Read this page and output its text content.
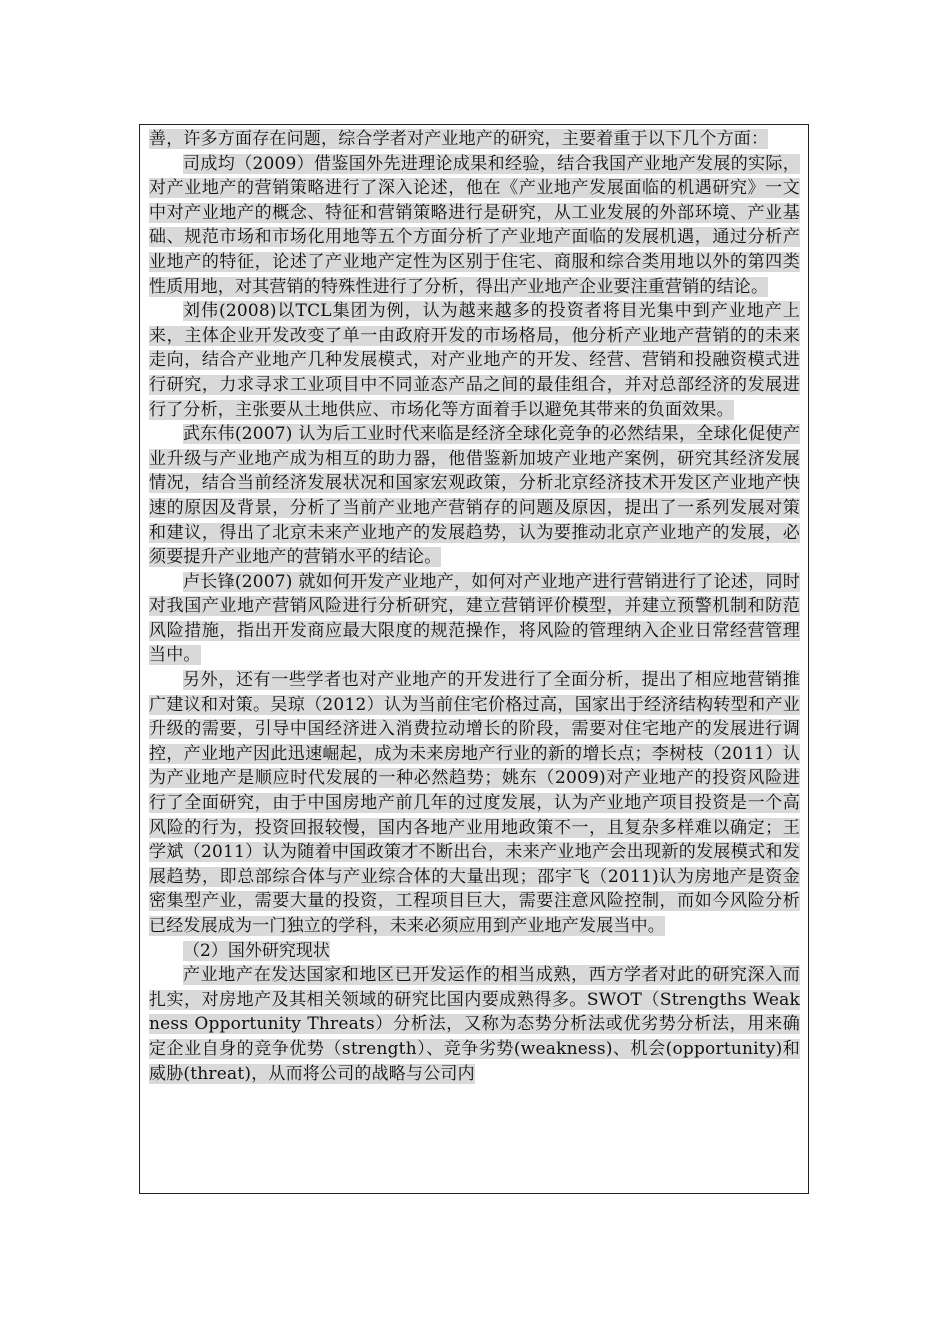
善，许多方面存在问题，综合学者对产业地产的研究，主要着重于以下几个方面：

司成均（2009）借鉴国外先进理论成果和经验，结合我国产业地产发展的实际，对产业地产的营销策略进行了深入论述，他在《产业地产发展面临的机遇研究》一文中对产业地产的概念、特征和营销策略进行是研究，从工业发展的外部环境、产业基础、规范市场和市场化用地等五个方面分析了产业地产面临的发展机遇，通过分析产业地产的特征，论述了产业地产定性为区别于住宅、商服和综合类用地以外的第四类性质用地，对其营销的特殊性进行了分析，得出产业地产企业要注重营销的结论。

刘伟(2008)以TCL集团为例，认为越来越多的投资者将目光集中到产业地产上来，主体企业开发改变了单一由政府开发的市场格局，他分析产业地产营销的的未来走向，结合产业地产几种发展模式，对产业地产的开发、经营、营销和投融资模式进行研究，力求寻求工业项目中不同並态产品之间的最佳组合，并对总部经济的发展进行了分析，主张要从土地供应、市场化等方面着手以避免其带来的负面效果。

武东伟(2007) 认为后工业时代来临是经济全球化竞争的必然结果，全球化促使产业升级与产业地产成为相互的助力器，他借鉴新加坡产业地产案例，研究其经济发展情况，结合当前经济发展状况和国家宏观政策，分析北京经济技术开发区产业地产快速的原因及背景，分析了当前产业地产营销存的问题及原因，提出了一系列发展对策和建议，得出了北京未来产业地产的发展趋势，认为要推动北京产业地产的发展，必须要提升产业地产的营销水平的结论。

卢长锋(2007) 就如何开发产业地产，如何对产业地产进行营销进行了论述，同时对我国产业地产营销风险进行分析研究，建立营销评价模型，并建立预警机制和防范风险措施，指出开发商应最大限度的规范操作，将风险的管理纳入企业日常经营管理当中。

另外，还有一些学者也对产业地产的开发进行了全面分析，提出了相应地营销推广建议和对策。吴琼（2012）认为当前住宅价格过高，国家出于经济结构转型和产业升级的需要，引导中国经济进入消费拉动增长的阶段，需要对住宅地产的发展进行调控，产业地产因此迅速崛起，成为未来房地产行业的新的增长点；李树枝（2011）认为产业地产是顺应时代发展的一种必然趋势；姚东（2009)对产业地产的投资风险进行了全面研究，由于中国房地产前几年的过度发展，认为产业地产项目投资是一个高风险的行为，投资回报较慢，国内各地产业用地政策不一，且复杂多样难以确定；王学斌（2011）认为随着中国政策才不断出台，未来产业地产会出现新的发展模式和发展趋势，即总部综合体与产业综合体的大量出现；邵宇飞（2011)认为房地产是资金密集型产业，需要大量的投资，工程项目巨大，需要注意风险控制，而如今风险分析已经发展成为一门独立的学科，未来必须应用到产业地产发展当中。

（2）国外研究现状

产业地产在发达国家和地区已开发运作的相当成熟，西方学者对此的研究深入而扎实，对房地产及其相关领域的研究比国内要成熟得多。SWOT（Strengths Weakness Opportunity Threats）分析法，又称为态势分析法或优劣势分析法，用来确定企业自身的竞争优势（strength）、竞争劣势(weakness)、机会(opportunity)和威胁(threat)，从而将公司的战略与公司内
